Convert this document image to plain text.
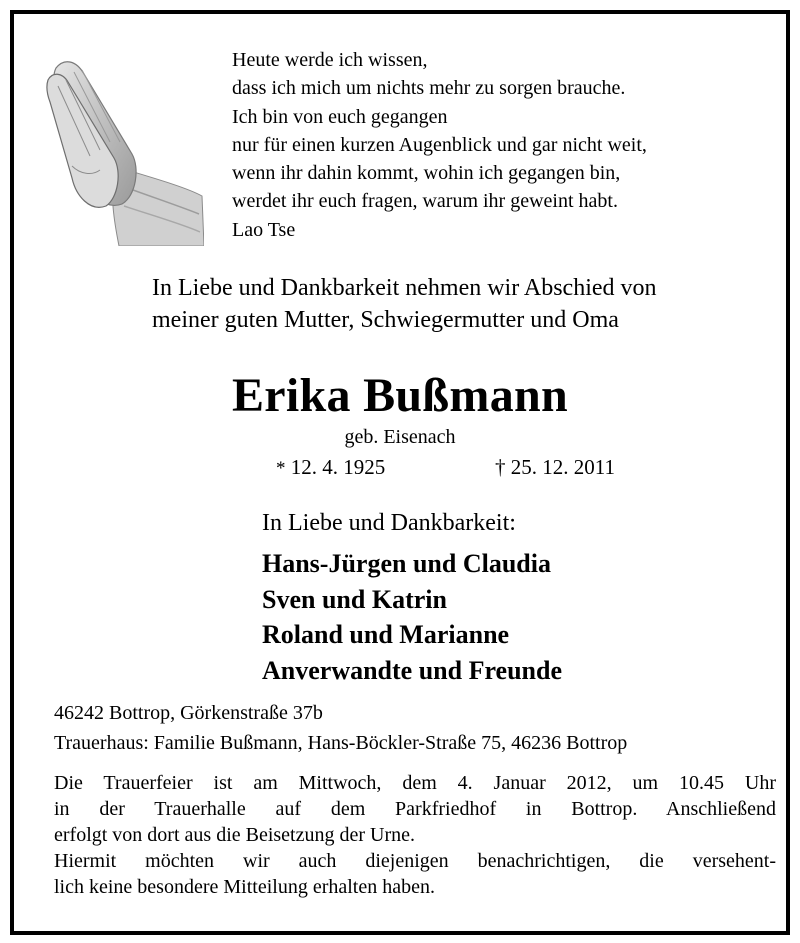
Heute werde ich wissen,
dass ich mich um nichts mehr zu sorgen brauche.
Ich bin von euch gegangen
nur für einen kurzen Augenblick und gar nicht weit,
wenn ihr dahin kommt, wohin ich gegangen bin,
werdet ihr euch fragen, warum ihr geweint habt.
Lao Tse
In Liebe und Dankbarkeit nehmen wir Abschied von
meiner guten Mutter, Schwiegermutter und Oma
Erika Bußmann
geb. Eisenach
* 12. 4. 1925	† 25. 12. 2011
In Liebe und Dankbarkeit:
Hans-Jürgen und Claudia
Sven und Katrin
Roland und Marianne
Anverwandte und Freunde
46242 Bottrop, Görkenstraße 37b
Trauerhaus: Familie Bußmann, Hans-Böckler-Straße 75, 46236 Bottrop
Die Trauerfeier ist am Mittwoch, dem 4. Januar 2012, um 10.45 Uhr
in der Trauerhalle auf dem Parkfriedhof in Bottrop. Anschließend
erfolgt von dort aus die Beisetzung der Urne.
Hiermit möchten wir auch diejenigen benachrichtigen, die versehent-
lich keine besondere Mitteilung erhalten haben.
